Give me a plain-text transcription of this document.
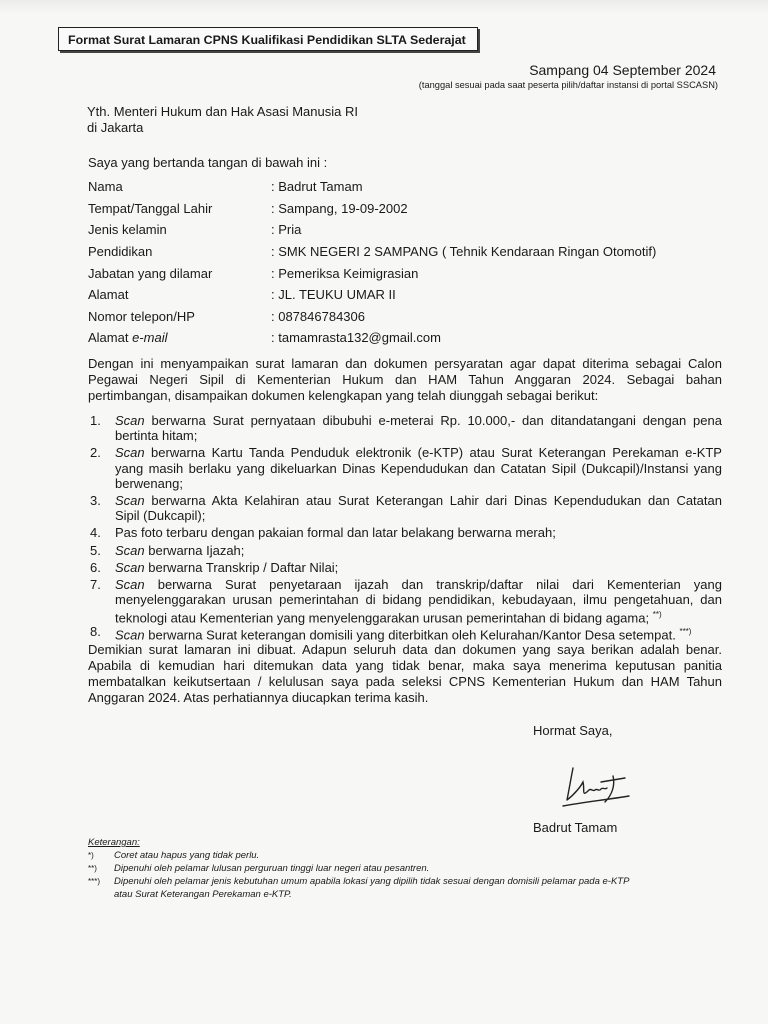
Format Surat Lamaran CPNS Kualifikasi Pendidikan SLTA Sederajat
Sampang 04 September 2024
(tanggal sesuai pada saat peserta pilih/daftar instansi di portal SSCASN)
Yth. Menteri Hukum dan Hak Asasi Manusia RI
di Jakarta
Saya yang bertanda tangan di bawah ini :
Nama	: Badrut Tamam
Tempat/Tanggal Lahir	: Sampang, 19-09-2002
Jenis kelamin	: Pria
Pendidikan	: SMK NEGERI 2 SAMPANG ( Tehnik Kendaraan Ringan Otomotif)
Jabatan yang dilamar	: Pemeriksa Keimigrasian
Alamat	: JL. TEUKU UMAR II
Nomor telepon/HP	: 087846784306
Alamat e-mail	: tamamrasta132@gmail.com
Dengan ini menyampaikan surat lamaran dan dokumen persyaratan agar dapat diterima sebagai Calon
Pegawai Negeri Sipil di Kementerian Hukum dan HAM Tahun Anggaran 2024. Sebagai bahan
pertimbangan, disampaikan dokumen kelengkapan yang telah diunggah sebagai berikut:
1. Scan berwarna Surat pernyataan dibubuhi e-meterai Rp. 10.000,- dan ditandatangani dengan pena
bertinta hitam;
2. Scan berwarna Kartu Tanda Penduduk elektronik (e-KTP) atau Surat Keterangan Perekaman e-KTP
yang masih berlaku yang dikeluarkan Dinas Kependudukan dan Catatan Sipil (Dukcapil)/Instansi yang
berwenang;
3. Scan berwarna Akta Kelahiran atau Surat Keterangan Lahir dari Dinas Kependudukan dan Catatan
Sipil (Dukcapil);
4. Pas foto terbaru dengan pakaian formal dan latar belakang berwarna merah;
5. Scan berwarna Ijazah;
6. Scan berwarna Transkrip / Daftar Nilai;
7. Scan berwarna Surat penyetaraan ijazah dan transkrip/daftar nilai dari Kementerian yang
menyelenggarakan urusan pemerintahan di bidang pendidikan, kebudayaan, ilmu pengetahuan, dan
teknologi atau Kementerian yang menyelenggarakan urusan pemerintahan di bidang agama; **)
8. Scan berwarna Surat keterangan domisili yang diterbitkan oleh Kelurahan/Kantor Desa setempat. ***)
Demikian surat lamaran ini dibuat. Adapun seluruh data dan dokumen yang saya berikan adalah benar.
Apabila di kemudian hari ditemukan data yang tidak benar, maka saya menerima keputusan panitia
membatalkan keikutsertaan / kelulusan saya pada seleksi CPNS Kementerian Hukum dan HAM Tahun
Anggaran 2024. Atas perhatiannya diucapkan terima kasih.
Hormat Saya,
Badrut Tamam
Keterangan:
*)	Coret atau hapus yang tidak perlu.
**)	Dipenuhi oleh pelamar lulusan perguruan tinggi luar negeri atau pesantren.
***)	Dipenuhi oleh pelamar jenis kebutuhan umum apabila lokasi yang dipilih tidak sesuai dengan domisili pelamar pada e-KTP
atau Surat Keterangan Perekaman e-KTP.
